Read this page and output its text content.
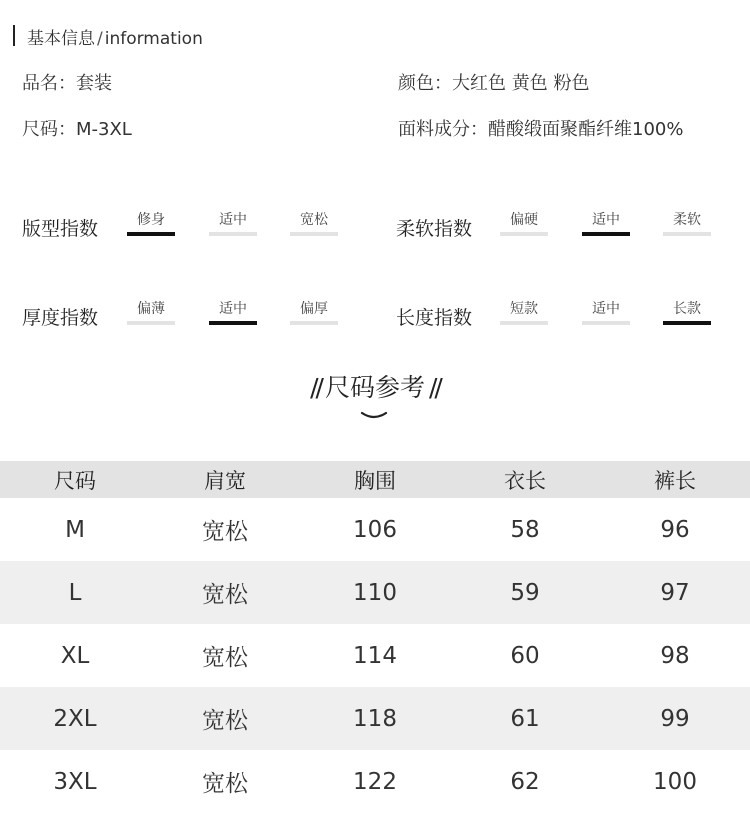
基本信息 / information
品名：套装	颜色：大红色 黄色 粉色
尺码：M-3XL	面料成分：醋酸缎面聚酯纤维100%
版型指数	修身	适中	宽松	柔软指数	偏硬	适中	柔软
厚度指数	偏薄	适中	偏厚	长度指数	短款	适中	长款
// 尺码参考 //
尺码	肩宽	胸围	衣长	裤长
M	宽松	106	58	96
L	宽松	110	59	97
XL	宽松	114	60	98
2XL	宽松	118	61	99
3XL	宽松	122	62	100
